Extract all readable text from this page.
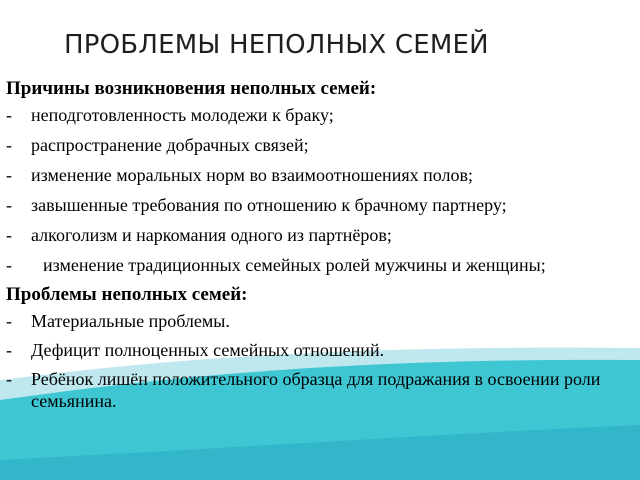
ПРОБЛЕМЫ НЕПОЛНЫХ СЕМЕЙ

Причины возникновения неполных семей:

- неподготовленность молодежи к браку;
- распространение добрачных связей;
- изменение моральных норм во взаимоотношениях полов;
- завышенные требования по отношению к брачному партнеру;
- алкоголизм и наркомания одного из партнёров;
-	изменение традиционных семейных ролей мужчины и женщины;

Проблемы неполных семей:

- Материальные проблемы.
- Дефицит полноценных семейных отношений.
- Ребёнок лишён положительного образца для подражания в освоении роли семьянина.
